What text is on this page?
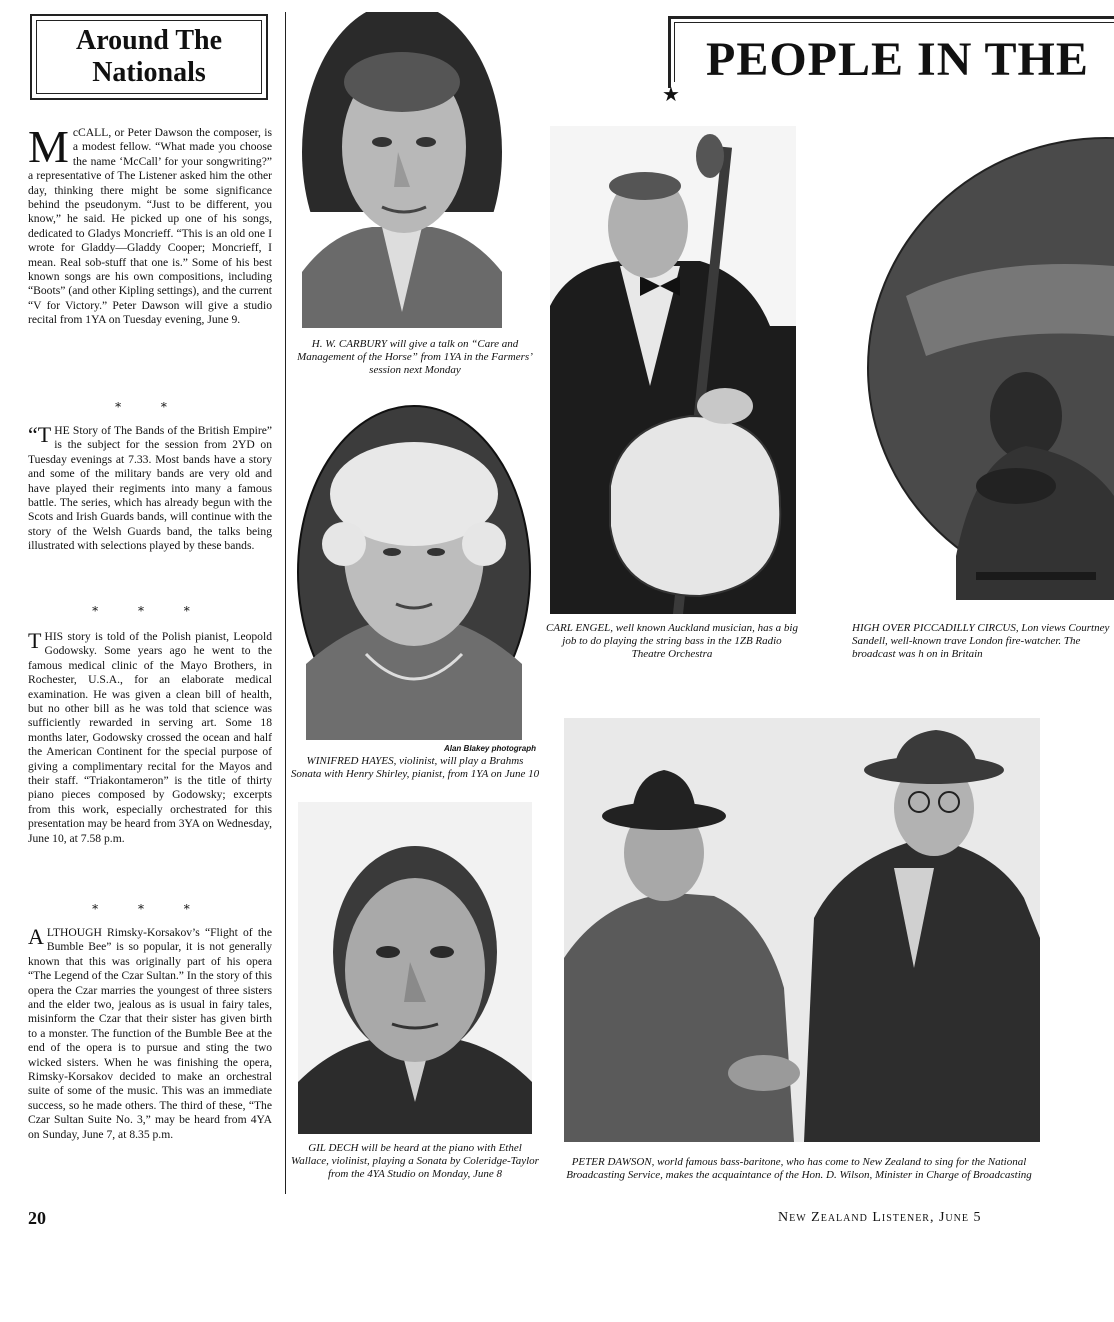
Around The
Nationals
McCALL, or Peter Dawson the composer, is a modest fellow. “What made you choose the name ‘McCall’ for your songwriting?” a representative of The Listener asked him the other day, thinking there might be some significance behind the pseudonym. “Just to be different, you know,” he said. He picked up one of his songs, dedicated to Gladys Moncrieff. “This is an old one I wrote for Gladdy—Gladdy Cooper; Moncrieff, I mean. Real sob-stuff that one is.” Some of his best known songs are his own compositions, including “Boots” (and other Kipling settings), and the current “V for Victory.” Peter Dawson will give a studio recital from 1YA on Tuesday evening, June 9.
* *
“THE Story of The Bands of the British Empire” is the subject for the session from 2YD on Tuesday evenings at 7.33. Most bands have a story and some of the military bands are very old and have played their regiments into many a famous battle. The series, which has already begun with the Scots and Irish Guards bands, will continue with the story of the Welsh Guards band, the talks being illustrated with selections played by these bands.
* * *
THIS story is told of the Polish pianist, Leopold Godowsky. Some years ago he went to the famous medical clinic of the Mayo Brothers, in Rochester, U.S.A., for an elaborate medical examination. He was given a clean bill of health, but no other bill as he was told that science was sufficiently rewarded in serving art. Some 18 months later, Godowsky crossed the ocean and half the American Continent for the special purpose of giving a complimentary recital for the Mayos and their staff. “Triakontameron” is the title of thirty piano pieces composed by Godowsky; excerpts from this work, especially orchestrated for this presentation may be heard from 3YA on Wednesday, June 10, at 7.58 p.m.
* * *
ALTHOUGH Rimsky-Korsakov’s “Flight of the Bumble Bee” is so popular, it is not generally known that this was originally part of his opera “The Legend of the Czar Sultan.” In the story of this opera the Czar marries the youngest of three sisters and the elder two, jealous as is usual in fairy tales, misinform the Czar that their sister has given birth to a monster. The function of the Bumble Bee at the end of the opera is to pursue and sting the two wicked sisters. When he was finishing the opera, Rimsky-Korsakov decided to make an orchestral suite of some of the music. This was an immediate success, so he made others. The third of these, “The Czar Sultan Suite No. 3,” may be heard from 4YA on Sunday, June 7, at 8.35 p.m.
PEOPLE IN THE
★
H. W. CARBURY will give a talk on “Care and Management of the Horse” from 1YA in the Farmers’ session next Monday
Alan Blakey photograph
WINIFRED HAYES, violinist, will play a Brahms Sonata with Henry Shirley, pianist, from 1YA on June 10
GIL DECH will be heard at the piano with Ethel Wallace, violinist, playing a Sonata by Coleridge-Taylor from the 4YA Studio on Monday, June 8
CARL ENGEL, well known Auckland musician, has a big job to do playing the string bass in the 1ZB Radio Theatre Orchestra
HIGH OVER PICCADILLY CIRCUS, Lon views Courtney Sandell, well-known trave London fire-watcher. The broadcast was h on in Britain
PETER DAWSON, world famous bass-baritone, who has come to New Zealand to sing for the National Broadcasting Service, makes the acquaintance of the Hon. D. Wilson, Minister in Charge of Broadcasting
20	New Zealand Listener, June 5
